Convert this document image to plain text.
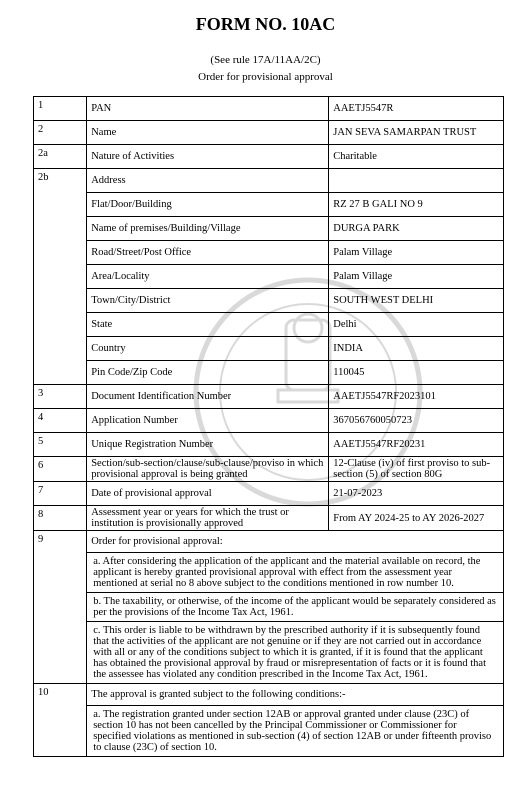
FORM NO. 10AC
(See rule 17A/11AA/2C)
Order for provisional approval
1	PAN	AAETJ5547R
2	Name	JAN SEVA SAMARPAN TRUST
2a	Nature of Activities	Charitable
2b	Address	
	Flat/Door/Building	RZ 27 B GALI NO 9
	Name of premises/Building/Village	DURGA PARK
	Road/Street/Post Office	Palam Village
	Area/Locality	Palam Village
	Town/City/District	SOUTH WEST DELHI
	State	Delhi
	Country	INDIA
	Pin Code/Zip Code	110045
3	Document Identification Number	AAETJ5547RF2023101
4	Application Number	367056760050723
5	Unique Registration Number	AAETJ5547RF20231
6	Section/sub-section/clause/sub-clause/proviso in which provisional approval is being granted	12-Clause (iv) of first proviso to sub-section (5) of section 80G
7	Date of provisional approval	21-07-2023
8	Assessment year or years for which the trust or institution is provisionally approved	From AY 2024-25 to AY 2026-2027
9	Order for provisional approval:	
	a. After considering the application of the applicant and the material available on record, the applicant is hereby granted provisional approval with effect from the assessment year mentioned at serial no 8 above subject to the conditions mentioned in row number 10.	
	b. The taxability, or otherwise, of the income of the applicant would be separately considered as per the provisions of the Income Tax Act, 1961.	
	c. This order is liable to be withdrawn by the prescribed authority if it is subsequently found that the activities of the applicant are not genuine or if they are not carried out in accordance with all or any of the conditions subject to which it is granted, if it is found that the applicant has obtained the provisional approval by fraud or misrepresentation of facts or it is found that the assessee has violated any condition prescribed in the Income Tax Act, 1961.	
10	The approval is granted subject to the following conditions:-	
	a. The registration granted under section 12AB or approval granted under clause (23C) of section 10 has not been cancelled by the Principal Commissioner or Commissioner for specified violations as mentioned in sub-section (4) of section 12AB or under fifteenth proviso to clause (23C) of section 10.	
